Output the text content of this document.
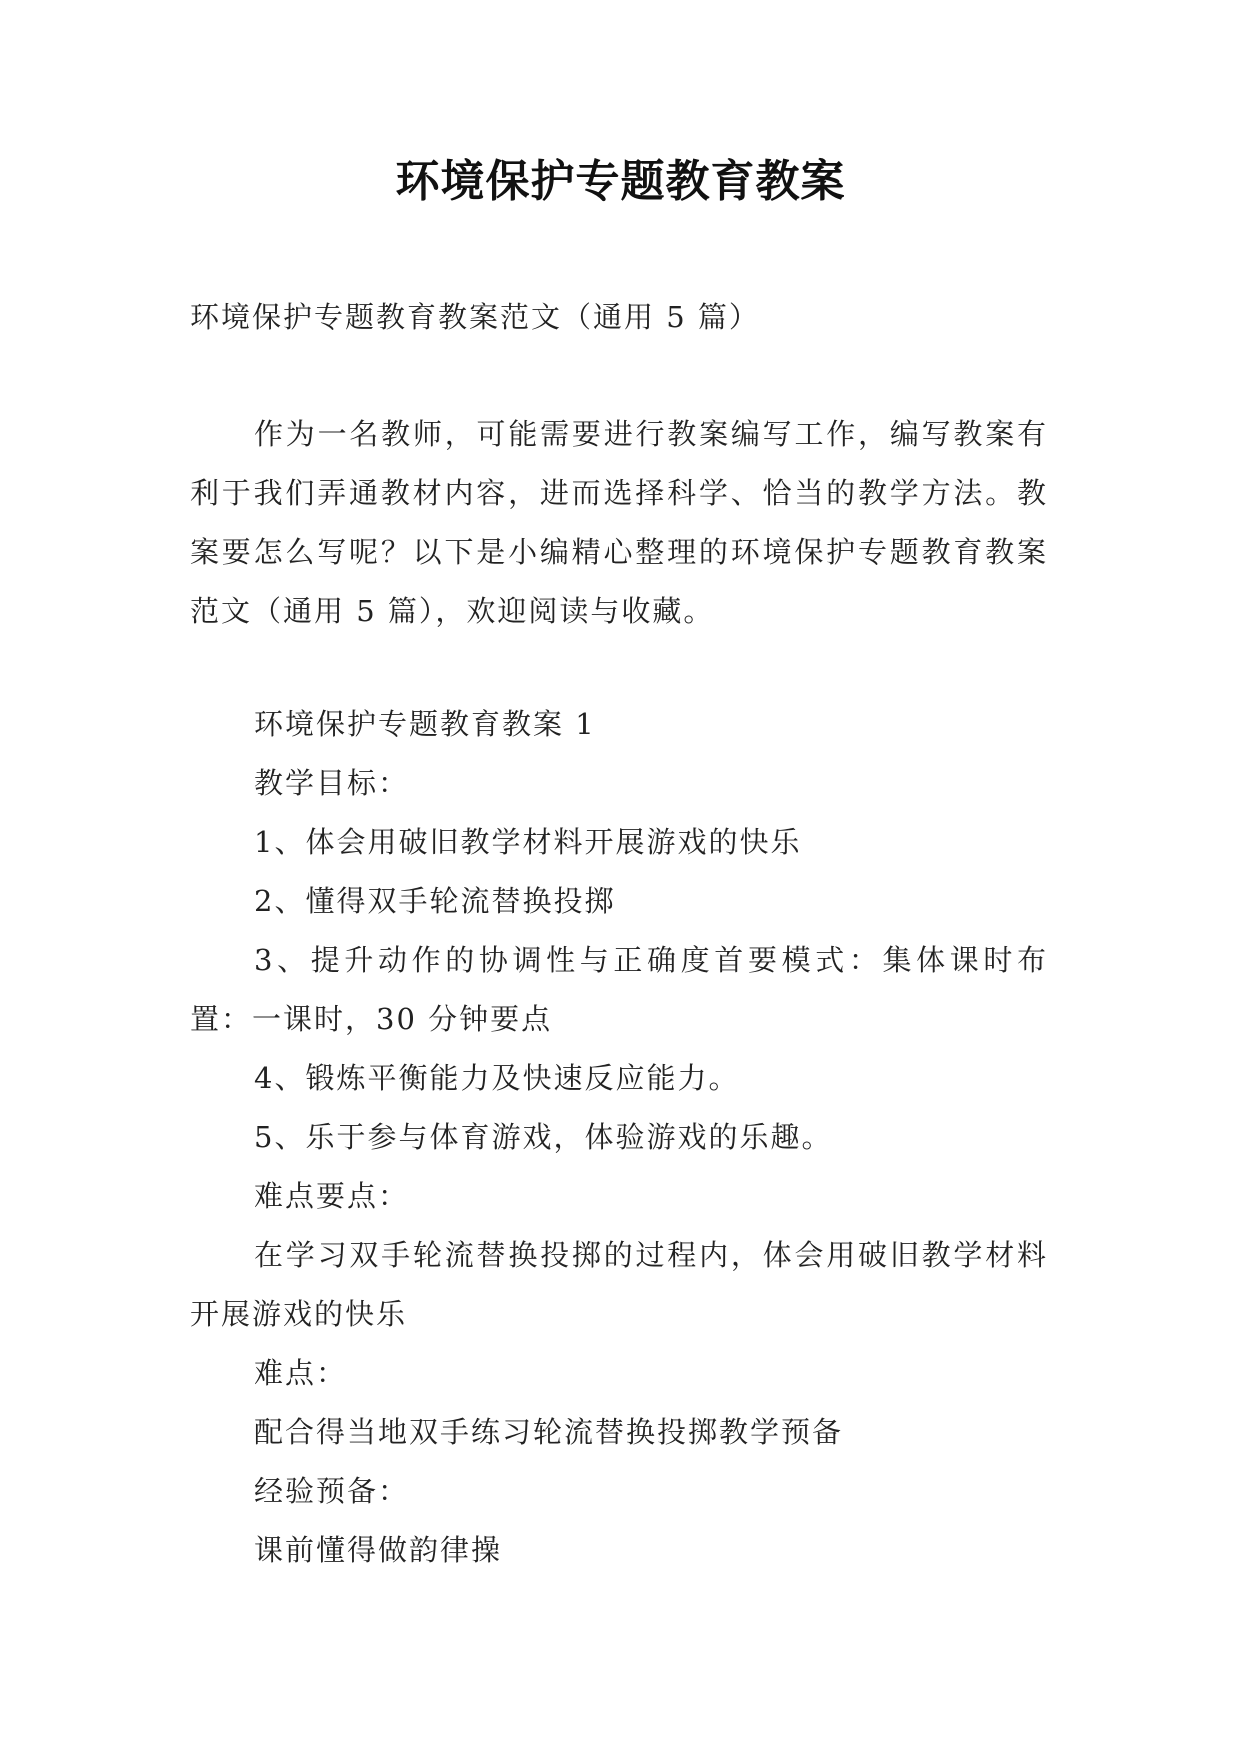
环境保护专题教育教案
环境保护专题教育教案范文（通用 5 篇）
作为一名教师，可能需要进行教案编写工作，编写教案有利于我们弄通教材内容，进而选择科学、恰当的教学方法。教案要怎么写呢？以下是小编精心整理的环境保护专题教育教案范文（通用 5 篇），欢迎阅读与收藏。

环境保护专题教育教案 1

教学目标：

1、体会用破旧教学材料开展游戏的快乐

2、懂得双手轮流替换投掷

3、提升动作的协调性与正确度首要模式：集体课时布置：一课时，30 分钟要点

4、锻炼平衡能力及快速反应能力。

5、乐于参与体育游戏，体验游戏的乐趣。

难点要点：

在学习双手轮流替换投掷的过程内，体会用破旧教学材料开展游戏的快乐

难点：

配合得当地双手练习轮流替换投掷教学预备

经验预备：

课前懂得做韵律操
